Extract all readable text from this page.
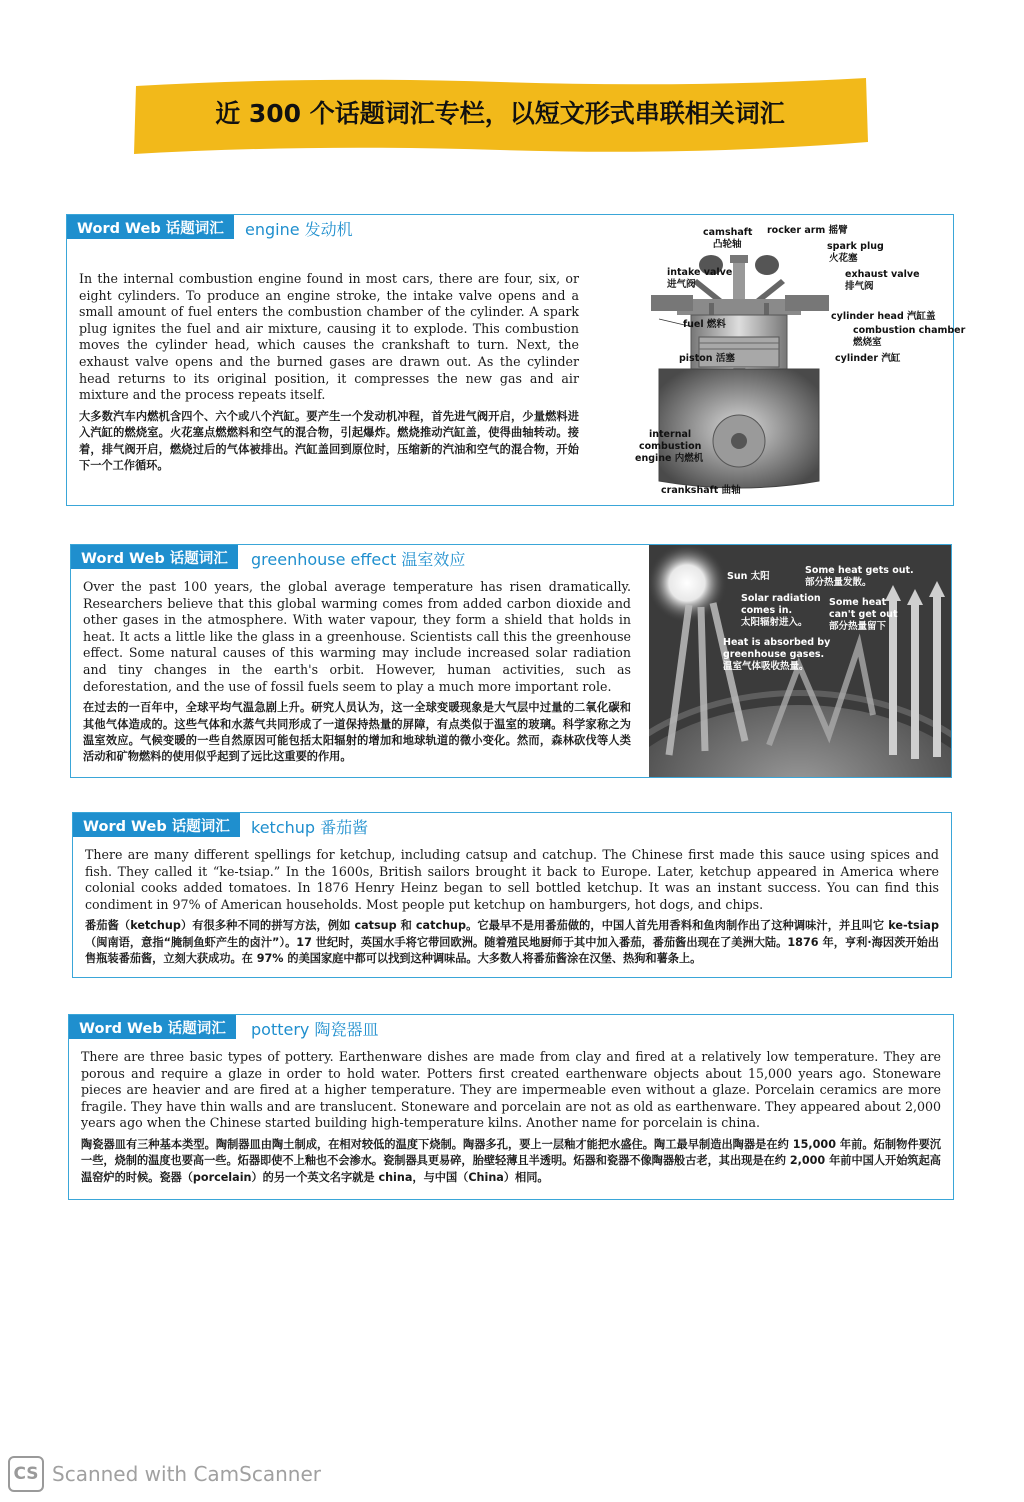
近 300 个话题词汇专栏，以短文形式串联相关词汇
Word Web 话题词汇	engine 发动机

In the internal combustion engine found in most cars, there are four, six, or eight cylinders. To produce an engine stroke, the intake valve opens and a small amount of fuel enters the combustion chamber of the cylinder. A spark plug ignites the fuel and air mixture, causing it to explode. This combustion moves the cylinder head, which causes the crankshaft to turn. Next, the exhaust valve opens and the burned gases are drawn out. As the cylinder head returns to its original position, it compresses the new gas and air mixture and the process repeats itself.

大多数汽车内燃机含四个、六个或八个汽缸。要产生一个发动机冲程，首先进气阀开启，少量燃料进入汽缸的燃烧室。火花塞点燃燃料和空气的混合物，引起爆炸。燃烧推动汽缸盖，使得曲轴转动。接着，排气阀开启，燃烧过后的气体被排出。汽缸盖回到原位时，压缩新的汽油和空气的混合物，开始下一个工作循环。

camshaft
凸轮轴
rocker arm 摇臂
spark plug
火花塞
intake valve
进气阀
exhaust valve
排气阀
fuel 燃料
cylinder head 汽缸盖
combustion chamber
燃烧室
piston 活塞	cylinder 汽缸
internal
combustion
engine 内燃机
crankshaft 曲轴
Word Web 话题词汇	greenhouse effect 温室效应

Over the past 100 years, the global average temperature has risen dramatically. Researchers believe that this global warming comes from added carbon dioxide and other gases in the atmosphere. With water vapour, they form a shield that holds in heat. It acts a little like the glass in a greenhouse. Scientists call this the greenhouse effect. Some natural causes of this warming may include increased solar radiation and tiny changes in the earth's orbit. However, human activities, such as deforestation, and the use of fossil fuels seem to play a much more important role.

在过去的一百年中，全球平均气温急剧上升。研究人员认为，这一全球变暖现象是大气层中过量的二氧化碳和其他气体造成的。这些气体和水蒸气共同形成了一道保持热量的屏障，有点类似于温室的玻璃。科学家称之为温室效应。气候变暖的一些自然原因可能包括太阳辐射的增加和地球轨道的微小变化。然而，森林砍伐等人类活动和矿物燃料的使用似乎起到了远比这重要的作用。

Sun 太阳
Some heat gets out.
部分热量发散。
Solar radiation
comes in.
太阳辐射进入。
Some heat
can't get out
部分热量留下
Heat is absorbed by
greenhouse gases.
温室气体吸收热量。
Word Web 话题词汇	ketchup 番茄酱

There are many different spellings for ketchup, including catsup and catchup. The Chinese first made this sauce using spices and fish. They called it “ke-tsiap.” In the 1600s, British sailors brought it back to Europe. Later, ketchup appeared in America where colonial cooks added tomatoes. In 1876 Henry Heinz began to sell bottled ketchup. It was an instant success. You can find this condiment in 97% of American households. Most people put ketchup on hamburgers, hot dogs, and chips.

番茄酱（ketchup）有很多种不同的拼写方法，例如 catsup 和 catchup。它最早不是用番茄做的，中国人首先用香料和鱼肉制作出了这种调味汁，并且叫它 ke-tsiap（闽南语，意指“腌制鱼虾产生的卤汁”）。17 世纪时，英国水手将它带回欧洲。随着殖民地厨师于其中加入番茄，番茄酱出现在了美洲大陆。1876 年，亨利·海因茨开始出售瓶装番茄酱，立刻大获成功。在 97% 的美国家庭中都可以找到这种调味品。大多数人将番茄酱涂在汉堡、热狗和薯条上。

Word Web 话题词汇	pottery 陶瓷器皿

There are three basic types of pottery. Earthenware dishes are made from clay and fired at a relatively low temperature. They are porous and require a glaze in order to hold water. Potters first created earthenware objects about 15,000 years ago. Stoneware pieces are heavier and are fired at a higher temperature. They are impermeable even without a glaze. Porcelain ceramics are more fragile. They have thin walls and are translucent. Stoneware and porcelain are not as old as earthenware. They appeared about 2,000 years ago when the Chinese started building high-temperature kilns. Another name for porcelain is china.

陶瓷器皿有三种基本类型。陶制器皿由陶土制成，在相对较低的温度下烧制。陶器多孔，要上一层釉才能把水盛住。陶工最早制造出陶器是在约 15,000 年前。炻制物件要沉一些，烧制的温度也要高一些。炻器即使不上釉也不会渗水。瓷制器具更易碎，胎壁轻薄且半透明。炻器和瓷器不像陶器般古老，其出现是在约 2,000 年前中国人开始筑起高温窑炉的时候。瓷器（porcelain）的另一个英文名字就是 china，与中国（China）相同。

CS Scanned with CamScanner
